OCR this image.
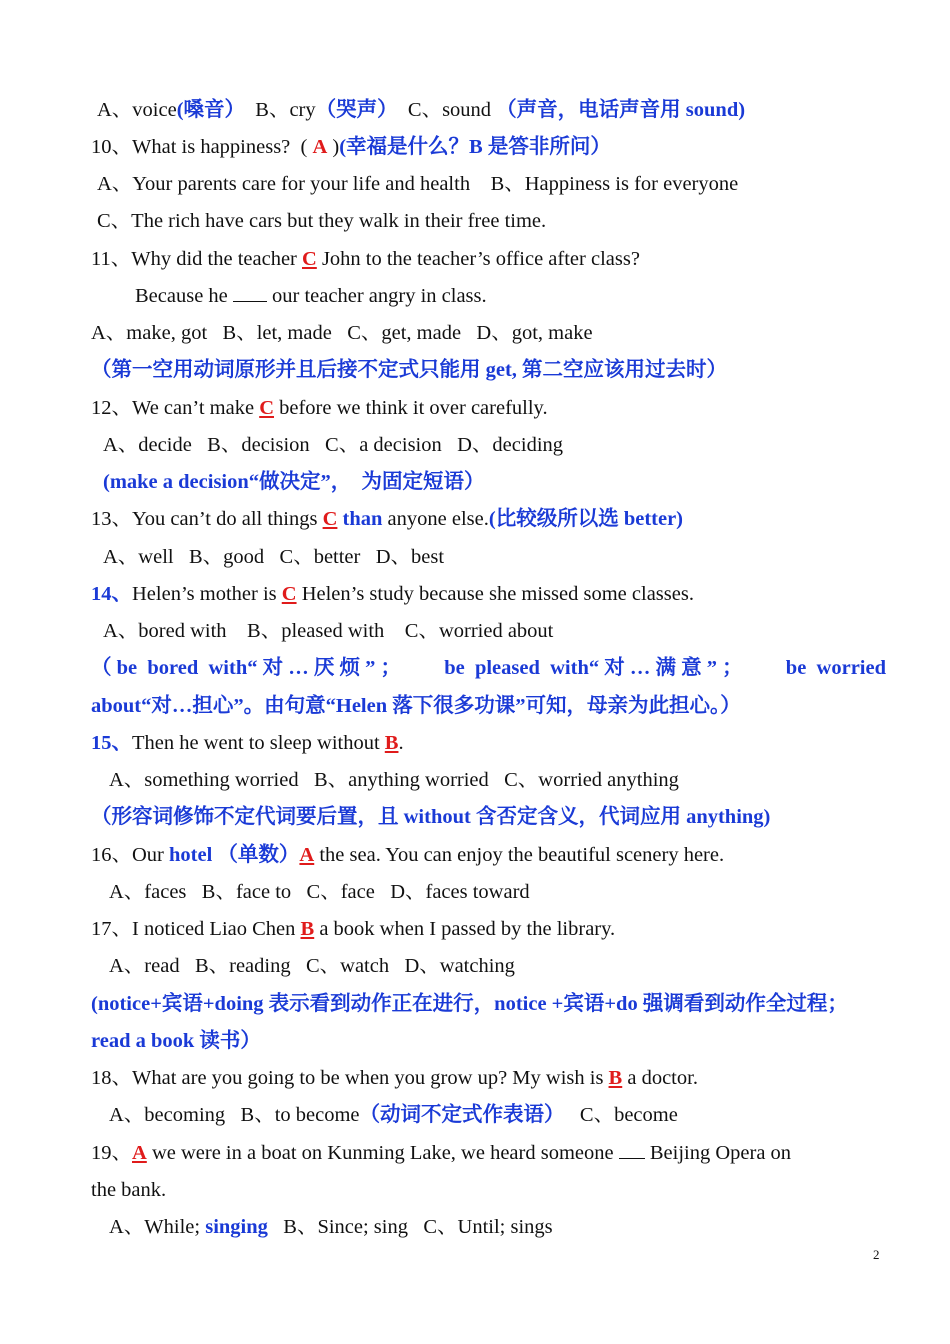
A、voice(嗓音）  B、cry（哭声）  C、sound （声音，电话声音用 sound)
10、What is happiness?  ( A )(幸福是什么？B 是答非所问）
A、Your parents care for your life and health    B、Happiness is for everyone
C、The rich have cars but they walk in their free time.
11、Why did the teacher C John to the teacher’s office after class?
Because he  our teacher angry in class.
A、make, got   B、let, made   C、get, made   D、got, make
（第一空用动词原形并且后接不定式只能用 get, 第二空应该用过去时）
12、We can’t make C before we think it over carefully.
A、decide   B、decision   C、a decision   D、deciding
(make a decision“做决定”，  为固定短语）
13、You can’t do all things C than anyone else.(比较级所以选 better)
A、well   B、good   C、better   D、best
14、Helen’s mother is C Helen’s study because she missed some classes.
A、bored with    B、pleased with    C、worried about
（ be  bored  with“ 对 … 厌 烦 ” ； be  pleased  with“ 对 … 满 意 ” ； be  worried
about“对…担心”。由句意“Helen 落下很多功课”可知，母亲为此担心。）
15、Then he went to sleep without B.
A、something worried   B、anything worried   C、worried anything
（形容词修饰不定代词要后置，且 without 含否定含义，代词应用 anything)
16、Our hotel （单数）A the sea. You can enjoy the beautiful scenery here.
A、faces   B、face to   C、face   D、faces toward
17、I noticed Liao Chen B a book when I passed by the library.
A、read   B、reading   C、watch   D、watching
(notice+宾语+doing 表示看到动作正在进行，notice +宾语+do 强调看到动作全过程；
read a book 读书）
18、What are you going to be when you grow up? My wish is B a doctor.
A、becoming   B、to become（动词不定式作表语）   C、become
19、A we were in a boat on Kunming Lake, we heard someone  Beijing Opera on
the bank.
A、While; singing   B、Since; sing   C、Until; sings
2
